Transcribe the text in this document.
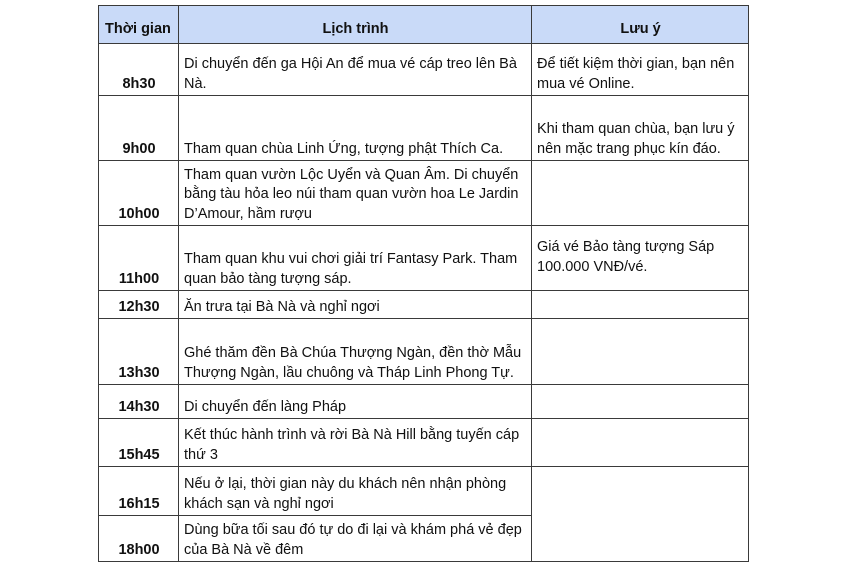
Thời gian	Lịch trình	Lưu ý
8h30	Di chuyển đến ga Hội An để mua vé cáp treo lên Bà Nà.	Để tiết kiệm thời gian, bạn nên mua vé Online.
9h00	Tham quan chùa Linh Ứng, tượng phật Thích Ca.	Khi tham quan chùa, bạn lưu ý nên mặc trang phục kín đáo.
10h00	Tham quan vườn Lộc Uyển và Quan Âm. Di chuyển bằng tàu hỏa leo núi tham quan vườn hoa Le Jardin D’Amour, hầm rượu	
11h00	Tham quan khu vui chơi giải trí Fantasy Park. Tham quan bảo tàng tượng sáp.	Giá vé Bảo tàng tượng Sáp 100.000 VNĐ/vé.
12h30	Ăn trưa tại Bà Nà và nghỉ ngơi	
13h30	Ghé thăm đền Bà Chúa Thượng Ngàn, đền thờ Mẫu Thượng Ngàn, lầu chuông và Tháp Linh Phong Tự.	
14h30	Di chuyển đến làng Pháp	
15h45	Kết thúc hành trình và rời Bà Nà Hill bằng tuyến cáp thứ 3	
16h15	Nếu ở lại, thời gian này du khách nên nhận phòng khách sạn và nghỉ ngơi	
18h00	Dùng bữa tối sau đó tự do đi lại và khám phá vẻ đẹp của Bà Nà về đêm	
